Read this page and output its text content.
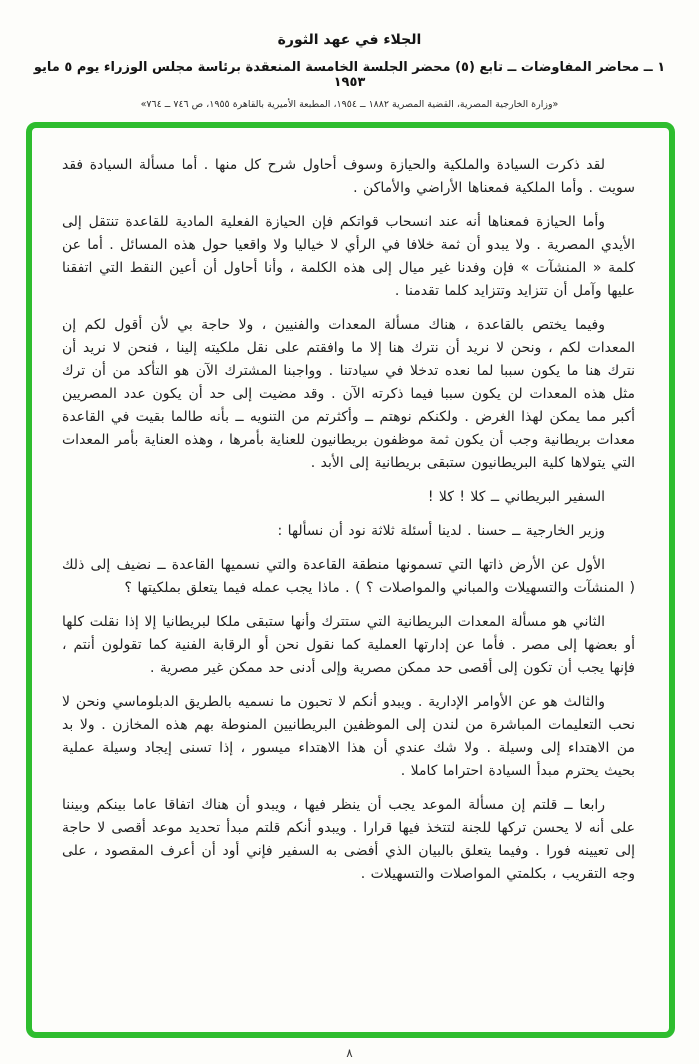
الجلاء في عهد الثورة
١ ــ محاضر المفاوضات ــ تابع (٥) محضر الجلسة الخامسة المنعقدة برئاسة مجلس الوزراء يوم ٥ مايو ١٩٥٣
«وزارة الخارجية المصرية، القضية المصرية ١٨٨٢ ــ ١٩٥٤، المطبعة الأميرية بالقاهرة ١٩٥٥، ص ٧٤٦ ــ ٧٦٤»

لقد ذكرت السيادة والملكية والحيازة وسوف أحاول شرح كل منها . أما مسألة السيادة فقد سويت . وأما الملكية فمعناها الأراضي والأماكن .

وأما الحيازة فمعناها أنه عند انسحاب قواتكم فإن الحيازة الفعلية المادية للقاعدة تنتقل إلى الأيدي المصرية . ولا يبدو أن ثمة خلافا في الرأي لا خياليا ولا واقعيا حول هذه المسائل . أما عن كلمة « المنشآت » فإن وفدنا غير ميال إلى هذه الكلمة ، وأنا أحاول أن أعين النقط التي اتفقنا عليها وآمل أن تتزايد وتتزايد كلما تقدمنا .

وفيما يختص بالقاعدة ، هناك مسألة المعدات والفنيين ، ولا حاجة بي لأن أقول لكم إن المعدات لكم ، ونحن لا نريد أن نترك هنا إلا ما وافقتم على نقل ملكيته إلينا ، فنحن لا نريد أن نترك هنا ما يكون سببا لما نعده تدخلا في سيادتنا . وواجبنا المشترك الآن هو التأكد من أن ترك مثل هذه المعدات لن يكون سببا فيما ذكرته الآن . وقد مضيت إلى حد أن يكون عدد المصريين أكبر مما يمكن لهذا الغرض . ولكنكم نوهتم ــ وأكثرتم من التنويه ــ بأنه طالما بقيت في القاعدة معدات بريطانية وجب أن يكون ثمة موظفون بريطانيون للعناية بأمرها ، وهذه العناية بأمر المعدات التي يتولاها كلية البريطانيون ستبقى بريطانية إلى الأبد .

السفير البريطاني ــ كلا ! كلا !

وزير الخارجية ــ حسنا . لدينا أسئلة ثلاثة نود أن نسألها :

الأول عن الأرض ذاتها التي تسمونها منطقة القاعدة والتي نسميها القاعدة ــ نضيف إلى ذلك ( المنشآت والتسهيلات والمباني والمواصلات ؟ ) . ماذا يجب عمله فيما يتعلق بملكيتها ؟

الثاني هو مسألة المعدات البريطانية التي ستترك وأنها ستبقى ملكا لبريطانيا إلا إذا نقلت كلها أو بعضها إلى مصر . فأما عن إدارتها العملية كما نقول نحن أو الرقابة الفنية كما تقولون أنتم ، فإنها يجب أن تكون إلى أقصى حد ممكن مصرية وإلى أدنى حد ممكن غير مصرية .

والثالث هو عن الأوامر الإدارية . ويبدو أنكم لا تحبون ما نسميه بالطريق الدبلوماسي ونحن لا نحب التعليمات المباشرة من لندن إلى الموظفين البريطانيين المنوطة بهم هذه المخازن . ولا بد من الاهتداء إلى وسيلة . ولا شك عندي أن هذا الاهتداء ميسور ، إذا تسنى إيجاد وسيلة عملية بحيث يحترم مبدأ السيادة احتراما كاملا .

رابعا ــ قلتم إن مسألة الموعد يجب أن ينظر فيها ، ويبدو أن هناك اتفاقا عاما بينكم وبيننا على أنه لا يحسن تركها للجنة لتتخذ فيها قرارا . ويبدو أنكم قلتم مبدأ تحديد موعد أقصى لا حاجة إلى تعيينه فورا . وفيما يتعلق بالبيان الذي أفضى به السفير فإني أود أن أعرف المقصود ، على وجه التقريب ، بكلمتي المواصلات والتسهيلات .

٨
